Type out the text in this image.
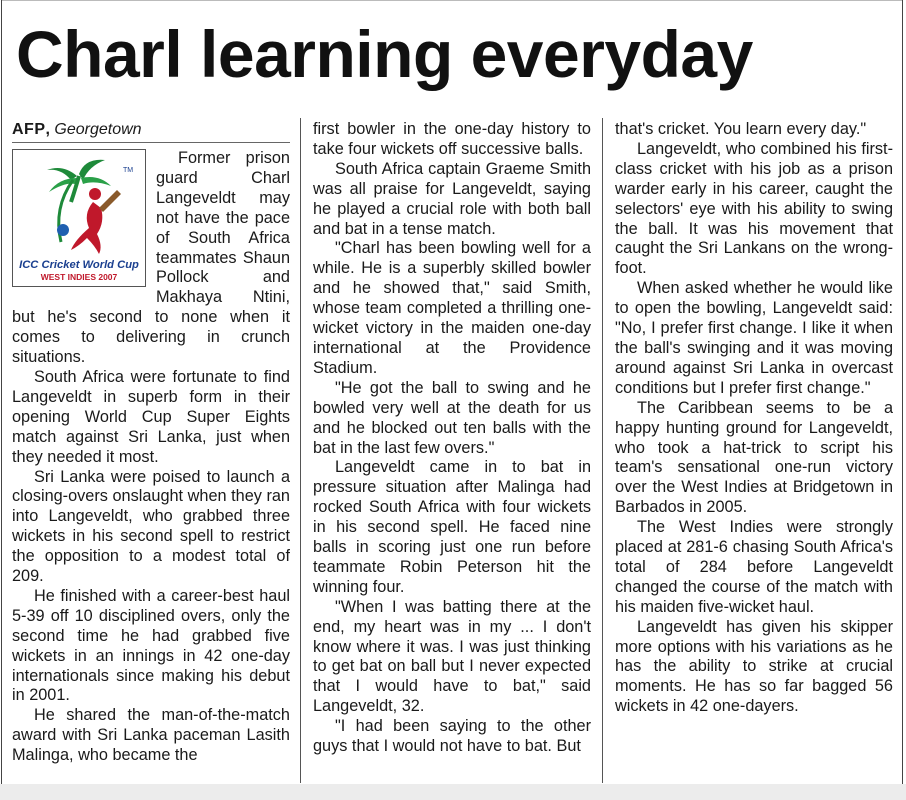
Charl learning everyday
AFP, Georgetown
TM
ICC Cricket World Cup
WEST INDIES 2007

Former prison guard Charl Langeveldt may not have the pace of South Africa teammates Shaun Pollock and Makhaya Ntini, but he's second to none when it comes to delivering in crunch situations.

South Africa were fortunate to find Langeveldt in superb form in their opening World Cup Super Eights match against Sri Lanka, just when they needed it most.

Sri Lanka were poised to launch a closing-overs onslaught when they ran into Langeveldt, who grabbed three wickets in his second spell to restrict the opposition to a modest total of 209.

He finished with a career-best haul 5-39 off 10 disciplined overs, only the second time he had grabbed five wickets in an innings in 42 one-day internationals since making his debut in 2001.

He shared the man-of-the-match award with Sri Lanka paceman Lasith Malinga, who became the

first bowler in the one-day history to take four wickets off successive balls.

South Africa captain Graeme Smith was all praise for Langeveldt, saying he played a crucial role with both ball and bat in a tense match.

"Charl has been bowling well for a while. He is a superbly skilled bowler and he showed that," said Smith, whose team completed a thrilling one-wicket victory in the maiden one-day international at the Providence Stadium.

"He got the ball to swing and he bowled very well at the death for us and he blocked out ten balls with the bat in the last few overs."

Langeveldt came in to bat in pressure situation after Malinga had rocked South Africa with four wickets in his second spell. He faced nine balls in scoring just one run before teammate Robin Peterson hit the winning four.

"When I was batting there at the end, my heart was in my ... I don't know where it was. I was just thinking to get bat on ball but I never expected that I would have to bat," said Langeveldt, 32.

"I had been saying to the other guys that I would not have to bat. But

that's cricket. You learn every day."

Langeveldt, who combined his first-class cricket with his job as a prison warder early in his career, caught the selectors' eye with his ability to swing the ball. It was his movement that caught the Sri Lankans on the wrong-foot.

When asked whether he would like to open the bowling, Langeveldt said: "No, I prefer first change. I like it when the ball's swinging and it was moving around against Sri Lanka in overcast conditions but I prefer first change."

The Caribbean seems to be a happy hunting ground for Langeveldt, who took a hat-trick to script his team's sensational one-run victory over the West Indies at Bridgetown in Barbados in 2005.

The West Indies were strongly placed at 281-6 chasing South Africa's total of 284 before Langeveldt changed the course of the match with his maiden five-wicket haul.

Langeveldt has given his skipper more options with his variations as he has the ability to strike at crucial moments. He has so far bagged 56 wickets in 42 one-dayers.
